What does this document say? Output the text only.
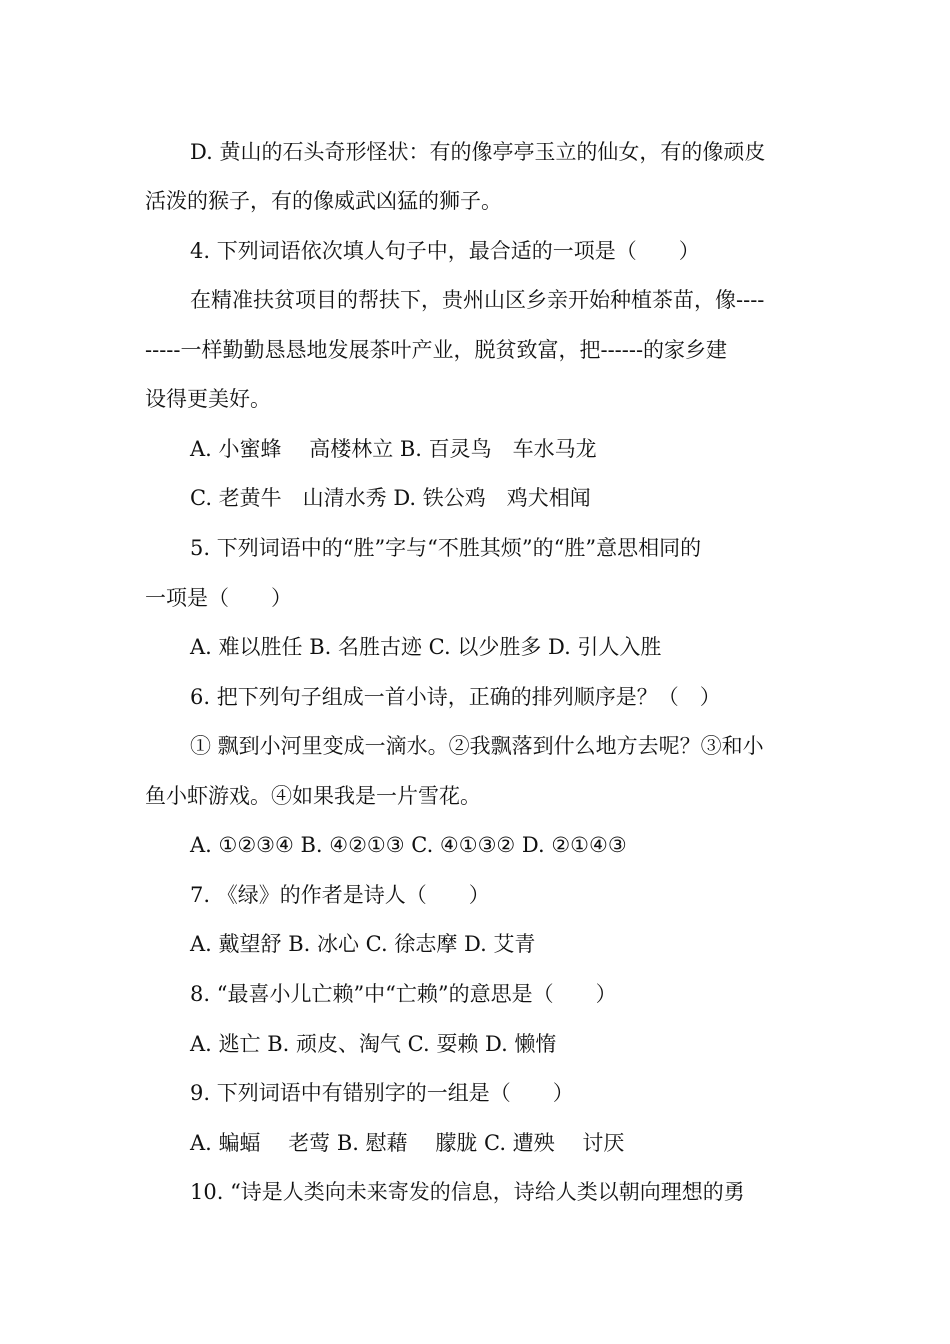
D. 黄山的石头奇形怪状：有的像亭亭玉立的仙女，有的像顽皮
活泼的猴子，有的像威武凶猛的狮子。
4. 下列词语依次填人句子中，最合适的一项是（　　）
在精准扶贫项目的帮扶下，贵州山区乡亲开始种植茶苗，像----
-----一样勤勤恳恳地发展茶叶产业，脱贫致富，把------的家乡建
设得更美好。
A. 小蜜蜂　 高楼林立 B. 百灵鸟　车水马龙
C. 老黄牛　山清水秀 D. 铁公鸡　鸡犬相闻
5. 下列词语中的“胜”字与“不胜其烦”的“胜”意思相同的
一项是（　　）
A. 难以胜任 B. 名胜古迹 C. 以少胜多 D. 引人入胜
6. 把下列句子组成一首小诗，正确的排列顺序是？（　）
① 飘到小河里变成一滴水。②我飘落到什么地方去呢？③和小
鱼小虾游戏。④如果我是一片雪花。
A. ①②③④ B. ④②①③ C. ④①③② D. ②①④③
7. 《绿》的作者是诗人（　　）
A. 戴望舒 B. 冰心 C. 徐志摩 D. 艾青
8. “最喜小儿亡赖”中“亡赖”的意思是（　　）
A. 逃亡 B. 顽皮、淘气 C. 耍赖 D. 懒惰
9. 下列词语中有错别字的一组是（　　）
A. 蝙蝠　 老莺 B. 慰藉　 朦胧 C. 遭殃　 讨厌
10. “诗是人类向未来寄发的信息，诗给人类以朝向理想的勇
